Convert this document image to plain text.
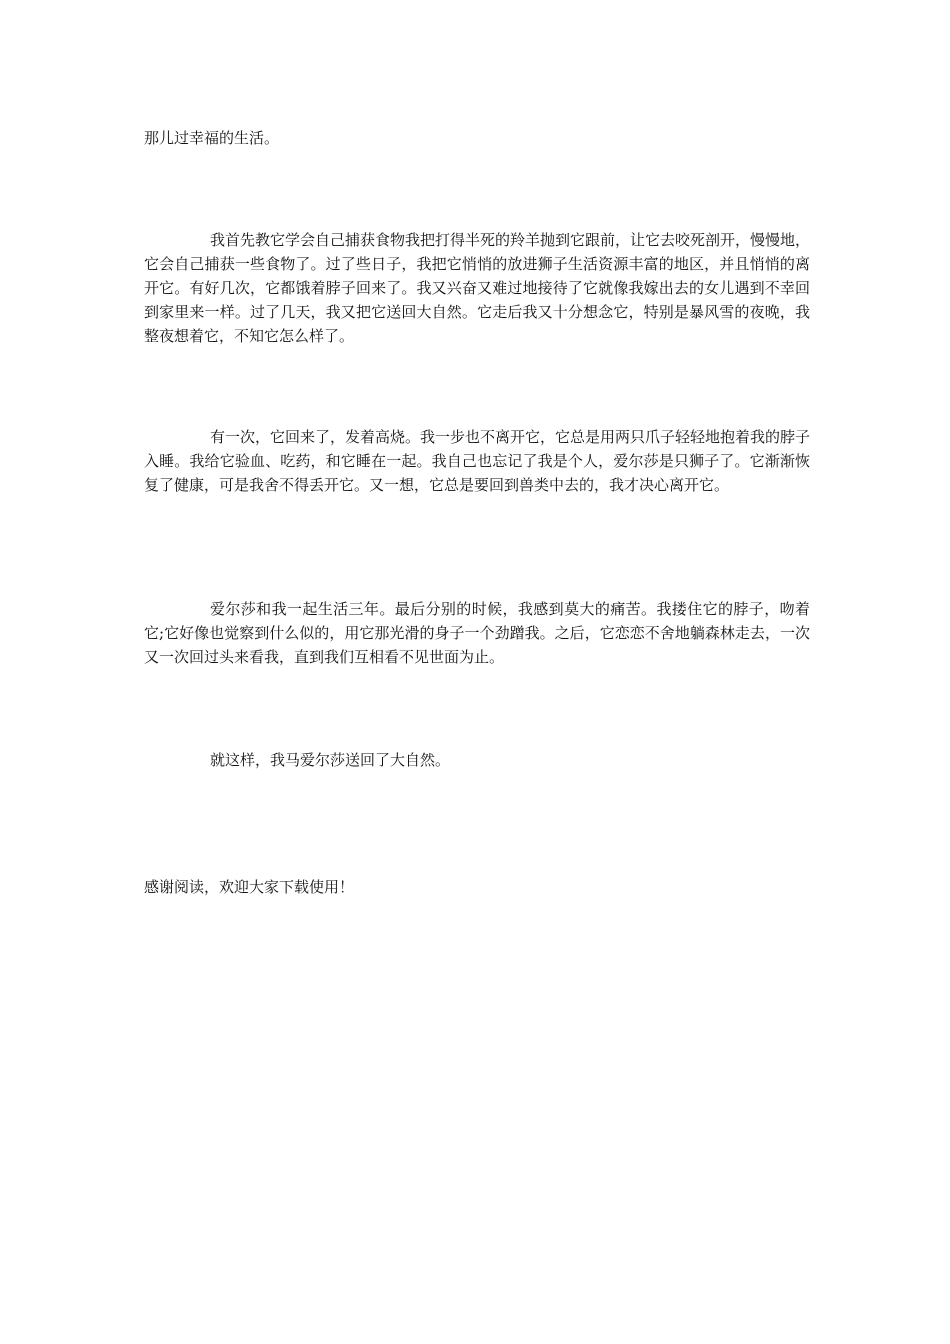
那儿过幸福的生活。

我首先教它学会自己捕获食物我把打得半死的羚羊抛到它跟前，让它去咬死剖开，慢慢地，它会自己捕获一些食物了。过了些日子，我把它悄悄的放进狮子生活资源丰富的地区，并且悄悄的离开它。有好几次，它都饿着脖子回来了。我又兴奋又难过地接待了它就像我嫁出去的女儿遇到不幸回到家里来一样。过了几天，我又把它送回大自然。它走后我又十分想念它，特别是暴风雪的夜晚，我整夜想着它，不知它怎么样了。

有一次，它回来了，发着高烧。我一步也不离开它，它总是用两只爪子轻轻地抱着我的脖子入睡。我给它验血、吃药，和它睡在一起。我自己也忘记了我是个人，爱尔莎是只狮子了。它渐渐恢复了健康，可是我舍不得丢开它。又一想，它总是要回到兽类中去的，我才决心离开它。

爱尔莎和我一起生活三年。最后分别的时候，我感到莫大的痛苦。我搂住它的脖子，吻着它;它好像也觉察到什么似的，用它那光滑的身子一个劲蹭我。之后，它恋恋不舍地躺森林走去，一次又一次回过头来看我，直到我们互相看不见世面为止。

就这样，我马爱尔莎送回了大自然。

感谢阅读，欢迎大家下载使用！
